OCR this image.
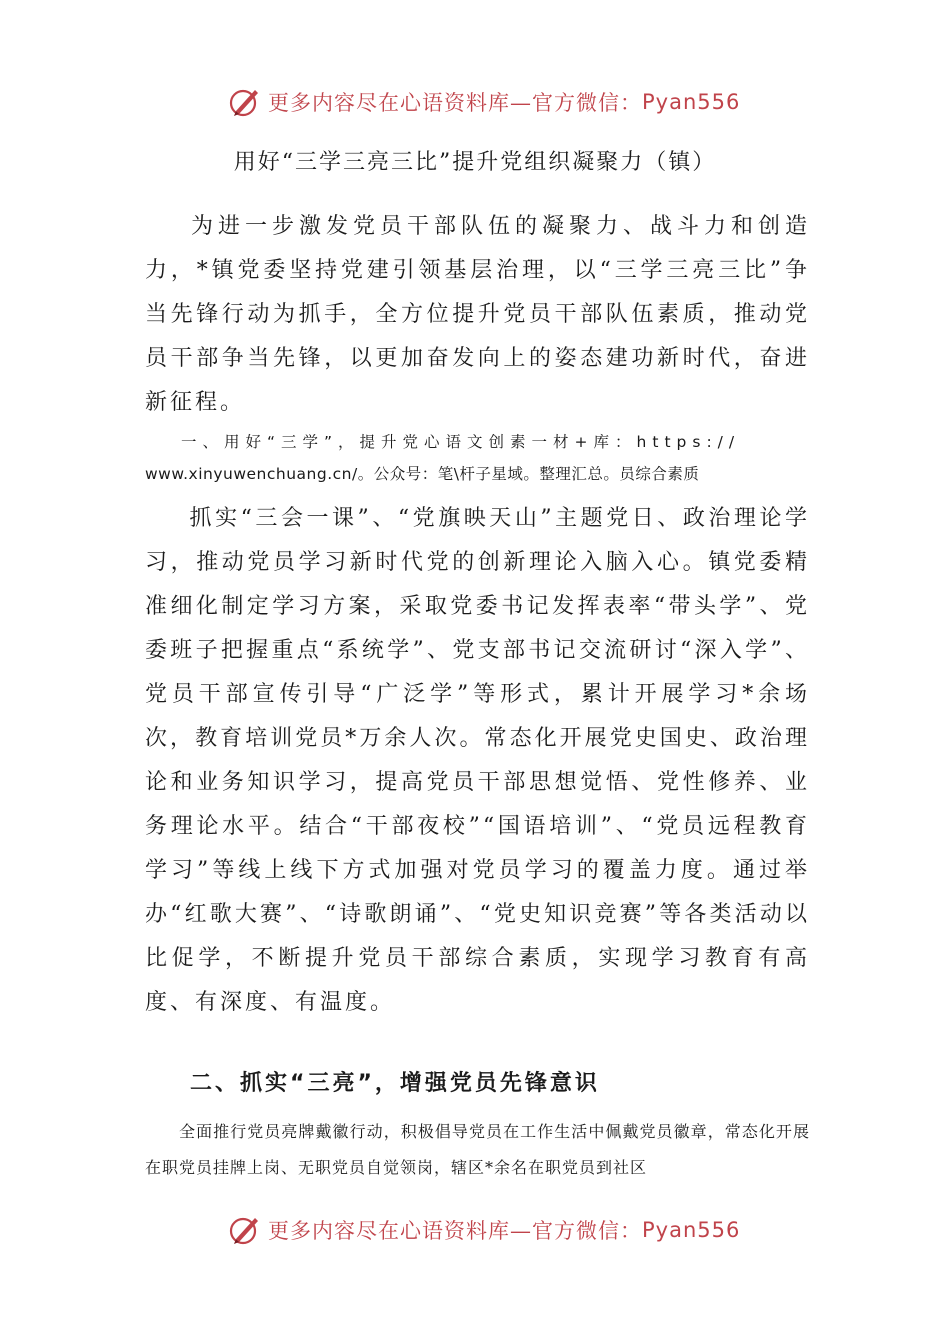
更多内容尽在心语资料库—官方微信： Pyan556
用好“三学三亮三比”提升党组织凝聚力（镇）
为进一步激发党员干部队伍的凝聚力、战斗力和创造力，*镇党委坚持党建引领基层治理，以“三学三亮三比”争当先锋行动为抓手，全方位提升党员干部队伍素质，推动党员干部争当先锋，以更加奋发向上的姿态建功新时代，奋进新征程。
一、用好“三学”，提升党心语文创素一材+库：https://
www.xinyuwenchuang.cn/。公众号：笔\杆子星域。整理汇总。员综合素质
抓实“三会一课”、“党旗映天山”主题党日、政治理论学习，推动党员学习新时代党的创新理论入脑入心。镇党委精准细化制定学习方案，采取党委书记发挥表率“带头学”、党委班子把握重点“系统学”、党支部书记交流研讨“深入学”、党员干部宣传引导“广泛学”等形式，累计开展学习*余场次，教育培训党员*万余人次。常态化开展党史国史、政治理论和业务知识学习，提高党员干部思想觉悟、党性修养、业务理论水平。结合“干部夜校”“国语培训”、“党员远程教育学习”等线上线下方式加强对党员学习的覆盖力度。通过举办“红歌大赛”、“诗歌朗诵”、“党史知识竞赛”等各类活动以比促学，不断提升党员干部综合素质，实现学习教育有高度、有深度、有温度。
二、抓实“三亮”，增强党员先锋意识
全面推行党员亮牌戴徽行动，积极倡导党员在工作生活中佩戴党员徽章，常态化开展在职党员挂牌上岗、无职党员自觉领岗，辖区*余名在职党员到社区
更多内容尽在心语资料库—官方微信： Pyan556
